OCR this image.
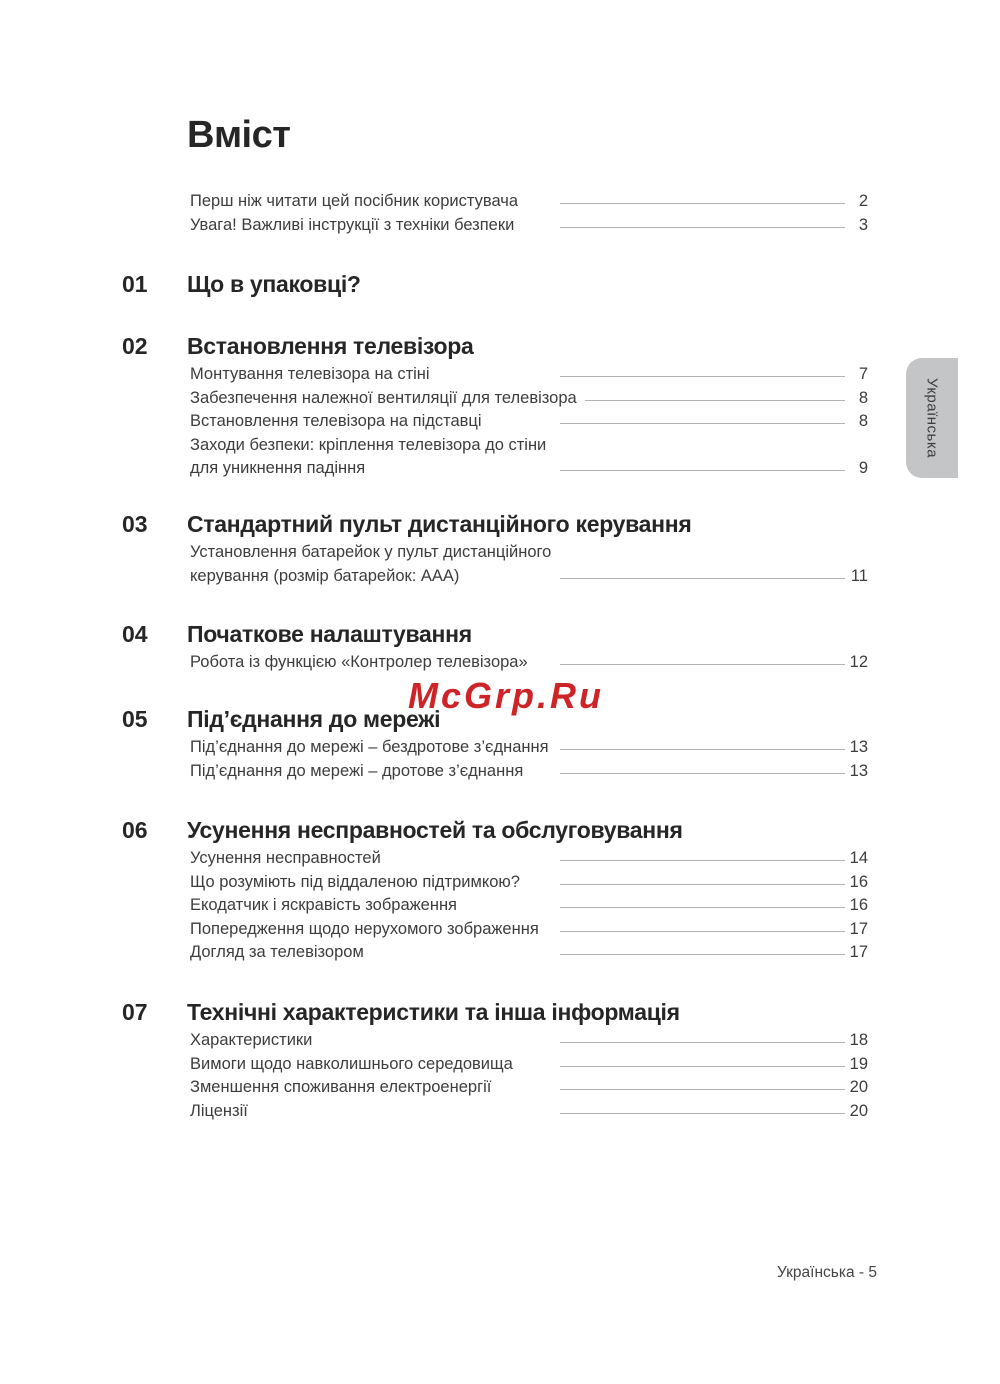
Вміст
Перш ніж читати цей посібник користувача	2
Увага! Важливі інструкції з техніки безпеки	3
01	Що в упаковці?
02	Встановлення телевізора
Монтування телевізора на стіні	7
Забезпечення належної вентиляції для телевізора	8
Встановлення телевізора на підставці	8
Заходи безпеки: кріплення телевізора до стіни
для уникнення падіння	9
03	Стандартний пульт дистанційного керування
Установлення батарейок у пульт дистанційного
керування (розмір батарейок: AAA)	11
04	Початкове налаштування
Робота із функцією «Контролер телевізора»	12
McGrp.Ru
05	Під’єднання до мережі
Під’єднання до мережі – бездротове з’єднання	13
Під’єднання до мережі – дротове з’єднання	13
06	Усунення несправностей та обслуговування
Усунення несправностей	14
Що розуміють під віддаленою підтримкою?	16
Екодатчик і яскравість зображення	16
Попередження щодо нерухомого зображення	17
Догляд за телевізором	17
07	Технічні характеристики та інша інформація
Характеристики	18
Вимоги щодо навколишнього середовища	19
Зменшення споживання електроенергії	20
Ліцензії	20
Українська
Українська - 5
